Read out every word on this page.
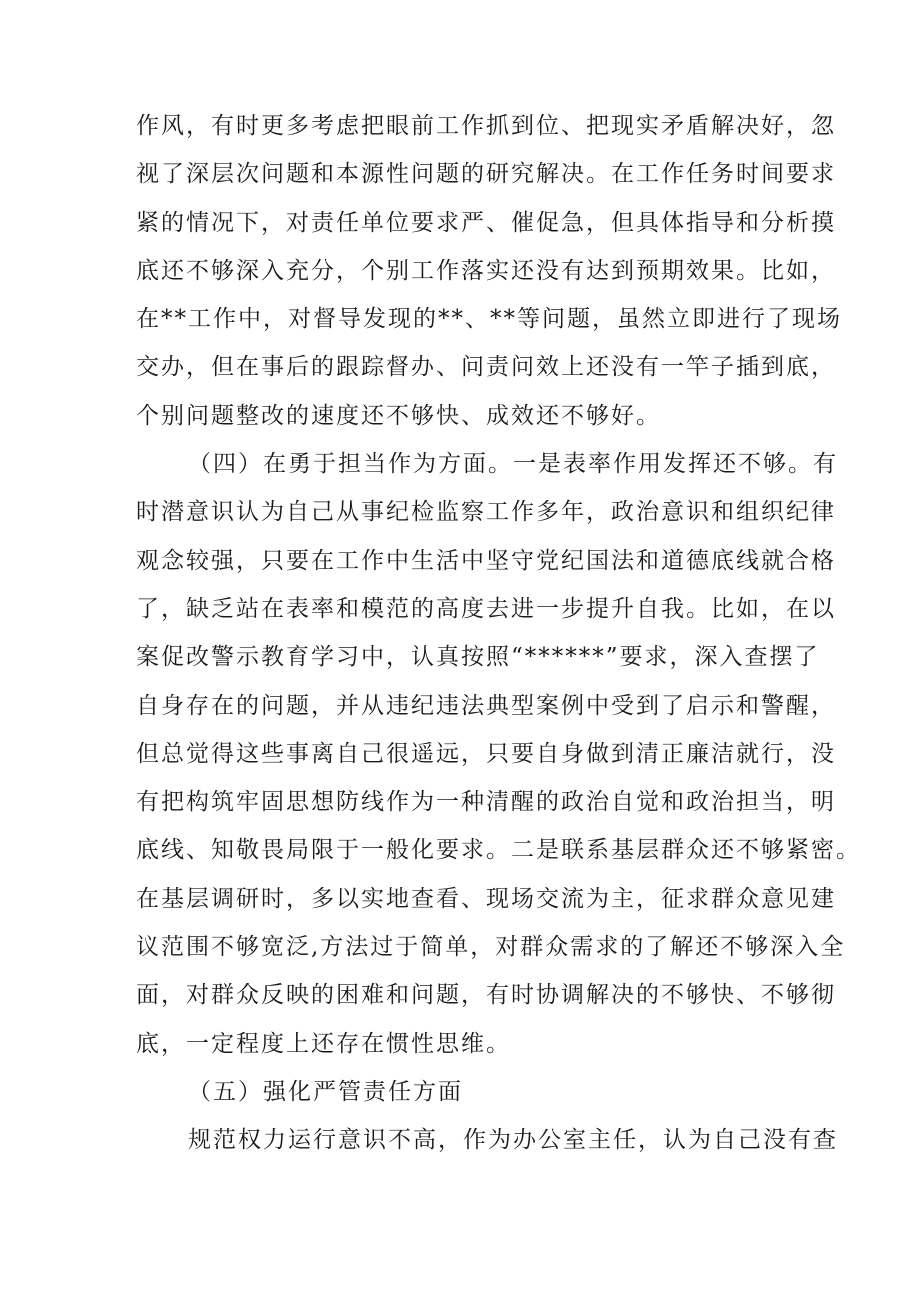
作风，有时更多考虑把眼前工作抓到位、把现实矛盾解决好，忽
视了深层次问题和本源性问题的研究解决。在工作任务时间要求
紧的情况下，对责任单位要求严、催促急，但具体指导和分析摸
底还不够深入充分，个别工作落实还没有达到预期效果。比如，
在**工作中，对督导发现的**、**等问题，虽然立即进行了现场
交办，但在事后的跟踪督办、问责问效上还没有一竿子插到底，
个别问题整改的速度还不够快、成效还不够好。
（四）在勇于担当作为方面。一是表率作用发挥还不够。有
时潜意识认为自己从事纪检监察工作多年，政治意识和组织纪律
观念较强，只要在工作中生活中坚守党纪国法和道德底线就合格
了，缺乏站在表率和模范的高度去进一步提升自我。比如，在以
案促改警示教育学习中，认真按照“******”要求，深入查摆了
自身存在的问题，并从违纪违法典型案例中受到了启示和警醒，
但总觉得这些事离自己很遥远，只要自身做到清正廉洁就行，没
有把构筑牢固思想防线作为一种清醒的政治自觉和政治担当，明
底线、知敬畏局限于一般化要求。二是联系基层群众还不够紧密。
在基层调研时，多以实地查看、现场交流为主，征求群众意见建
议范围不够宽泛,方法过于简单，对群众需求的了解还不够深入全
面，对群众反映的困难和问题，有时协调解决的不够快、不够彻
底，一定程度上还存在惯性思维。
（五）强化严管责任方面
规范权力运行意识不高，作为办公室主任，认为自己没有查
